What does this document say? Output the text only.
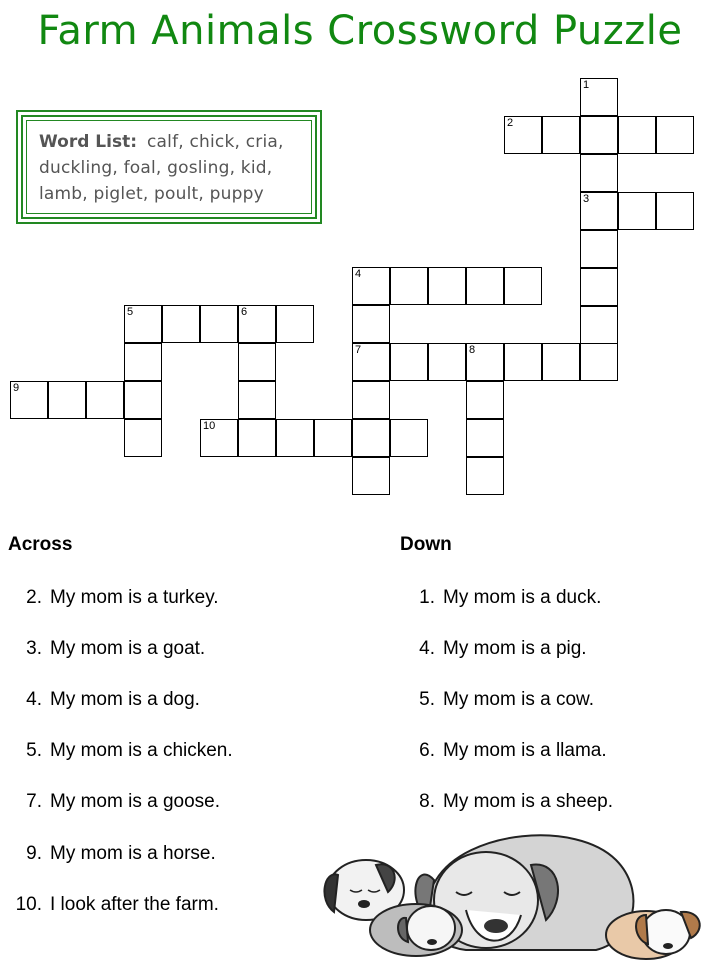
Farm Animals Crossword Puzzle
Word List: calf, chick, cria, duckling, foal, gosling, kid, lamb, piglet, poult, puppy
1
2
3
4
5	6
7	8
9
10
Across
2. My mom is a turkey.
3. My mom is a goat.
4. My mom is a dog.
5. My mom is a chicken.
7. My mom is a goose.
9. My mom is a horse.
10. I look after the farm.
Down
1. My mom is a duck.
4. My mom is a pig.
5. My mom is a cow.
6. My mom is a llama.
8. My mom is a sheep.
